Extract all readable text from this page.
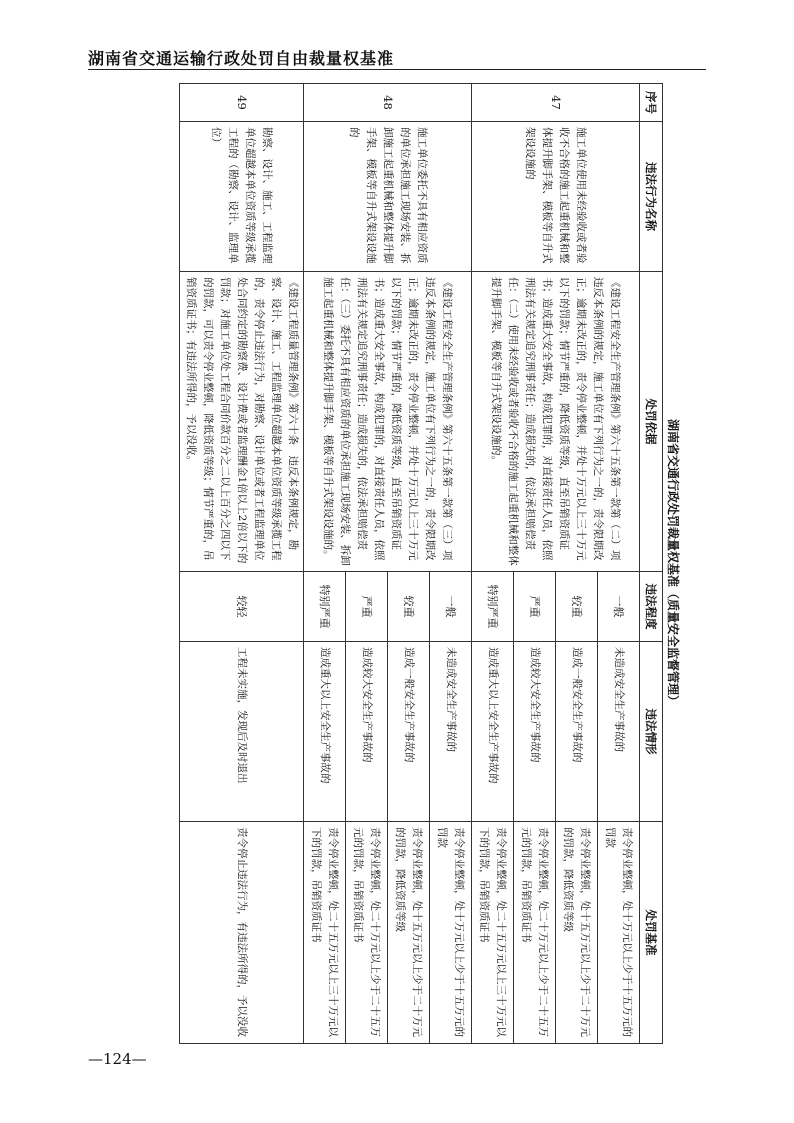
湖南省交通运输行政处罚自由裁量权基准
湖南省交通行政处罚裁量权基准（质量安全监督管理）
序号	违法行为名称	处罚依据	违法程度	违法情形	处罚基准
47	施工单位使用未经验收或者验收不合格的施工起重机械和整体提升脚手架、模板等自升式架设设施的	《建设工程安全生产管理条例》第六十五条第一款第（二）项　违反本条例的规定，施工单位有下列行为之一的，责令限期改正；逾期未改正的，责令停业整顿，并处十万元以上三十万元以下的罚款；情节严重的，降低资质等级，直至吊销资质证书；造成重大安全事故，构成犯罪的，对直接责任人员，依照刑法有关规定追究刑事责任；造成损失的，依法承担赔偿责任：（二）使用未经验收或者验收不合格的施工起重机械和整体提升脚手架、模板等自升式架设设施的。	一般	未造成安全生产事故的	责令停业整顿，处十万元以上少于十五万元的罚款
			较重	造成一般安全生产事故的	责令停业整顿，处十五万元以上少于二十万元的罚款，降低资质等级
			严重	造成较大安全生产事故的	责令停业整顿，处二十万元以上少于二十五万元的罚款，吊销资质证书
			特别严重	造成重大以上安全生产事故的	责令停业整顿，处二十五万元以上三十万元以下的罚款，吊销资质证书
48	施工单位委托不具有相应资质的单位承担施工现场安装、拆卸施工起重机械和整体提升脚手架、模板等自升式架设设施的	《建设工程安全生产管理条例》第六十五条第一款第（三）项　违反本条例的规定，施工单位有下列行为之一的，责令限期改正；逾期未改正的，责令停业整顿，并处十万元以上三十万元以下的罚款；情节严重的，降低资质等级，直至吊销资质证书；造成重大安全事故，构成犯罪的，对直接责任人员，依照刑法有关规定追究刑事责任；造成损失的，依法承担赔偿责任：（三）委托不具有相应资质的单位承担施工现场安装、拆卸施工起重机械和整体提升脚手架、模板等自升式架设设施的。	一般	未造成安全生产事故的	责令停业整顿，处十万元以上少于十五万元的罚款
			较重	造成一般安全生产事故的	责令停业整顿，处十五万元以上少于二十万元的罚款，降低资质等级
			严重	造成较大安全生产事故的	责令停业整顿，处二十万元以上少于二十五万元的罚款，吊销资质证书
			特别严重	造成重大以上安全生产事故的	责令停业整顿，处二十五万元以上三十万元以下的罚款，吊销资质证书
49	勘察、设计、施工、工程监理单位超越本单位资质等级承揽工程的（勘察、设计、监理单位）	《建设工程质量管理条例》第六十条　违反本条例规定，勘察、设计、施工、工程监理单位超越本单位资质等级承揽工程的，责令停止违法行为，对勘察、设计单位或者工程监理单位处合同约定的勘察费、设计费或者监理酬金1倍以上2倍以下的罚款；对施工单位处工程合同价款百分之二以上百分之四以下的罚款，可以责令停业整顿，降低资质等级；情节严重的，吊销资质证书；有违法所得的，予以没收。	较轻	工程未实施，发现后及时退出	责令停止违法行为，有违法所得的，予以没收
—124—
